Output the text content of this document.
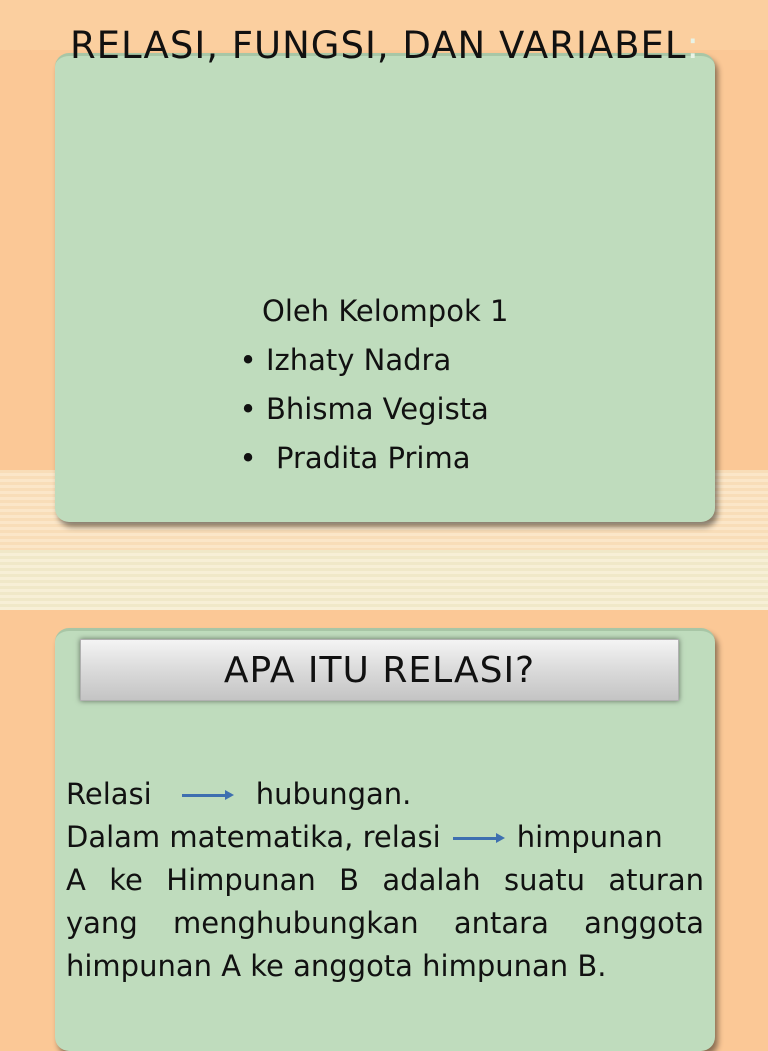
RELASI, FUNGSI, DAN VARIABEL:
Oleh Kelompok 1
• Izhaty Nadra
• Bhisma Vegista
• Pradita Prima
APA ITU RELASI?
Relasi	hubungan.
Dalam matematika, relasi	himpunan
A ke Himpunan B adalah suatu aturan
yang menghubungkan antara anggota
himpunan A ke anggota himpunan B.
